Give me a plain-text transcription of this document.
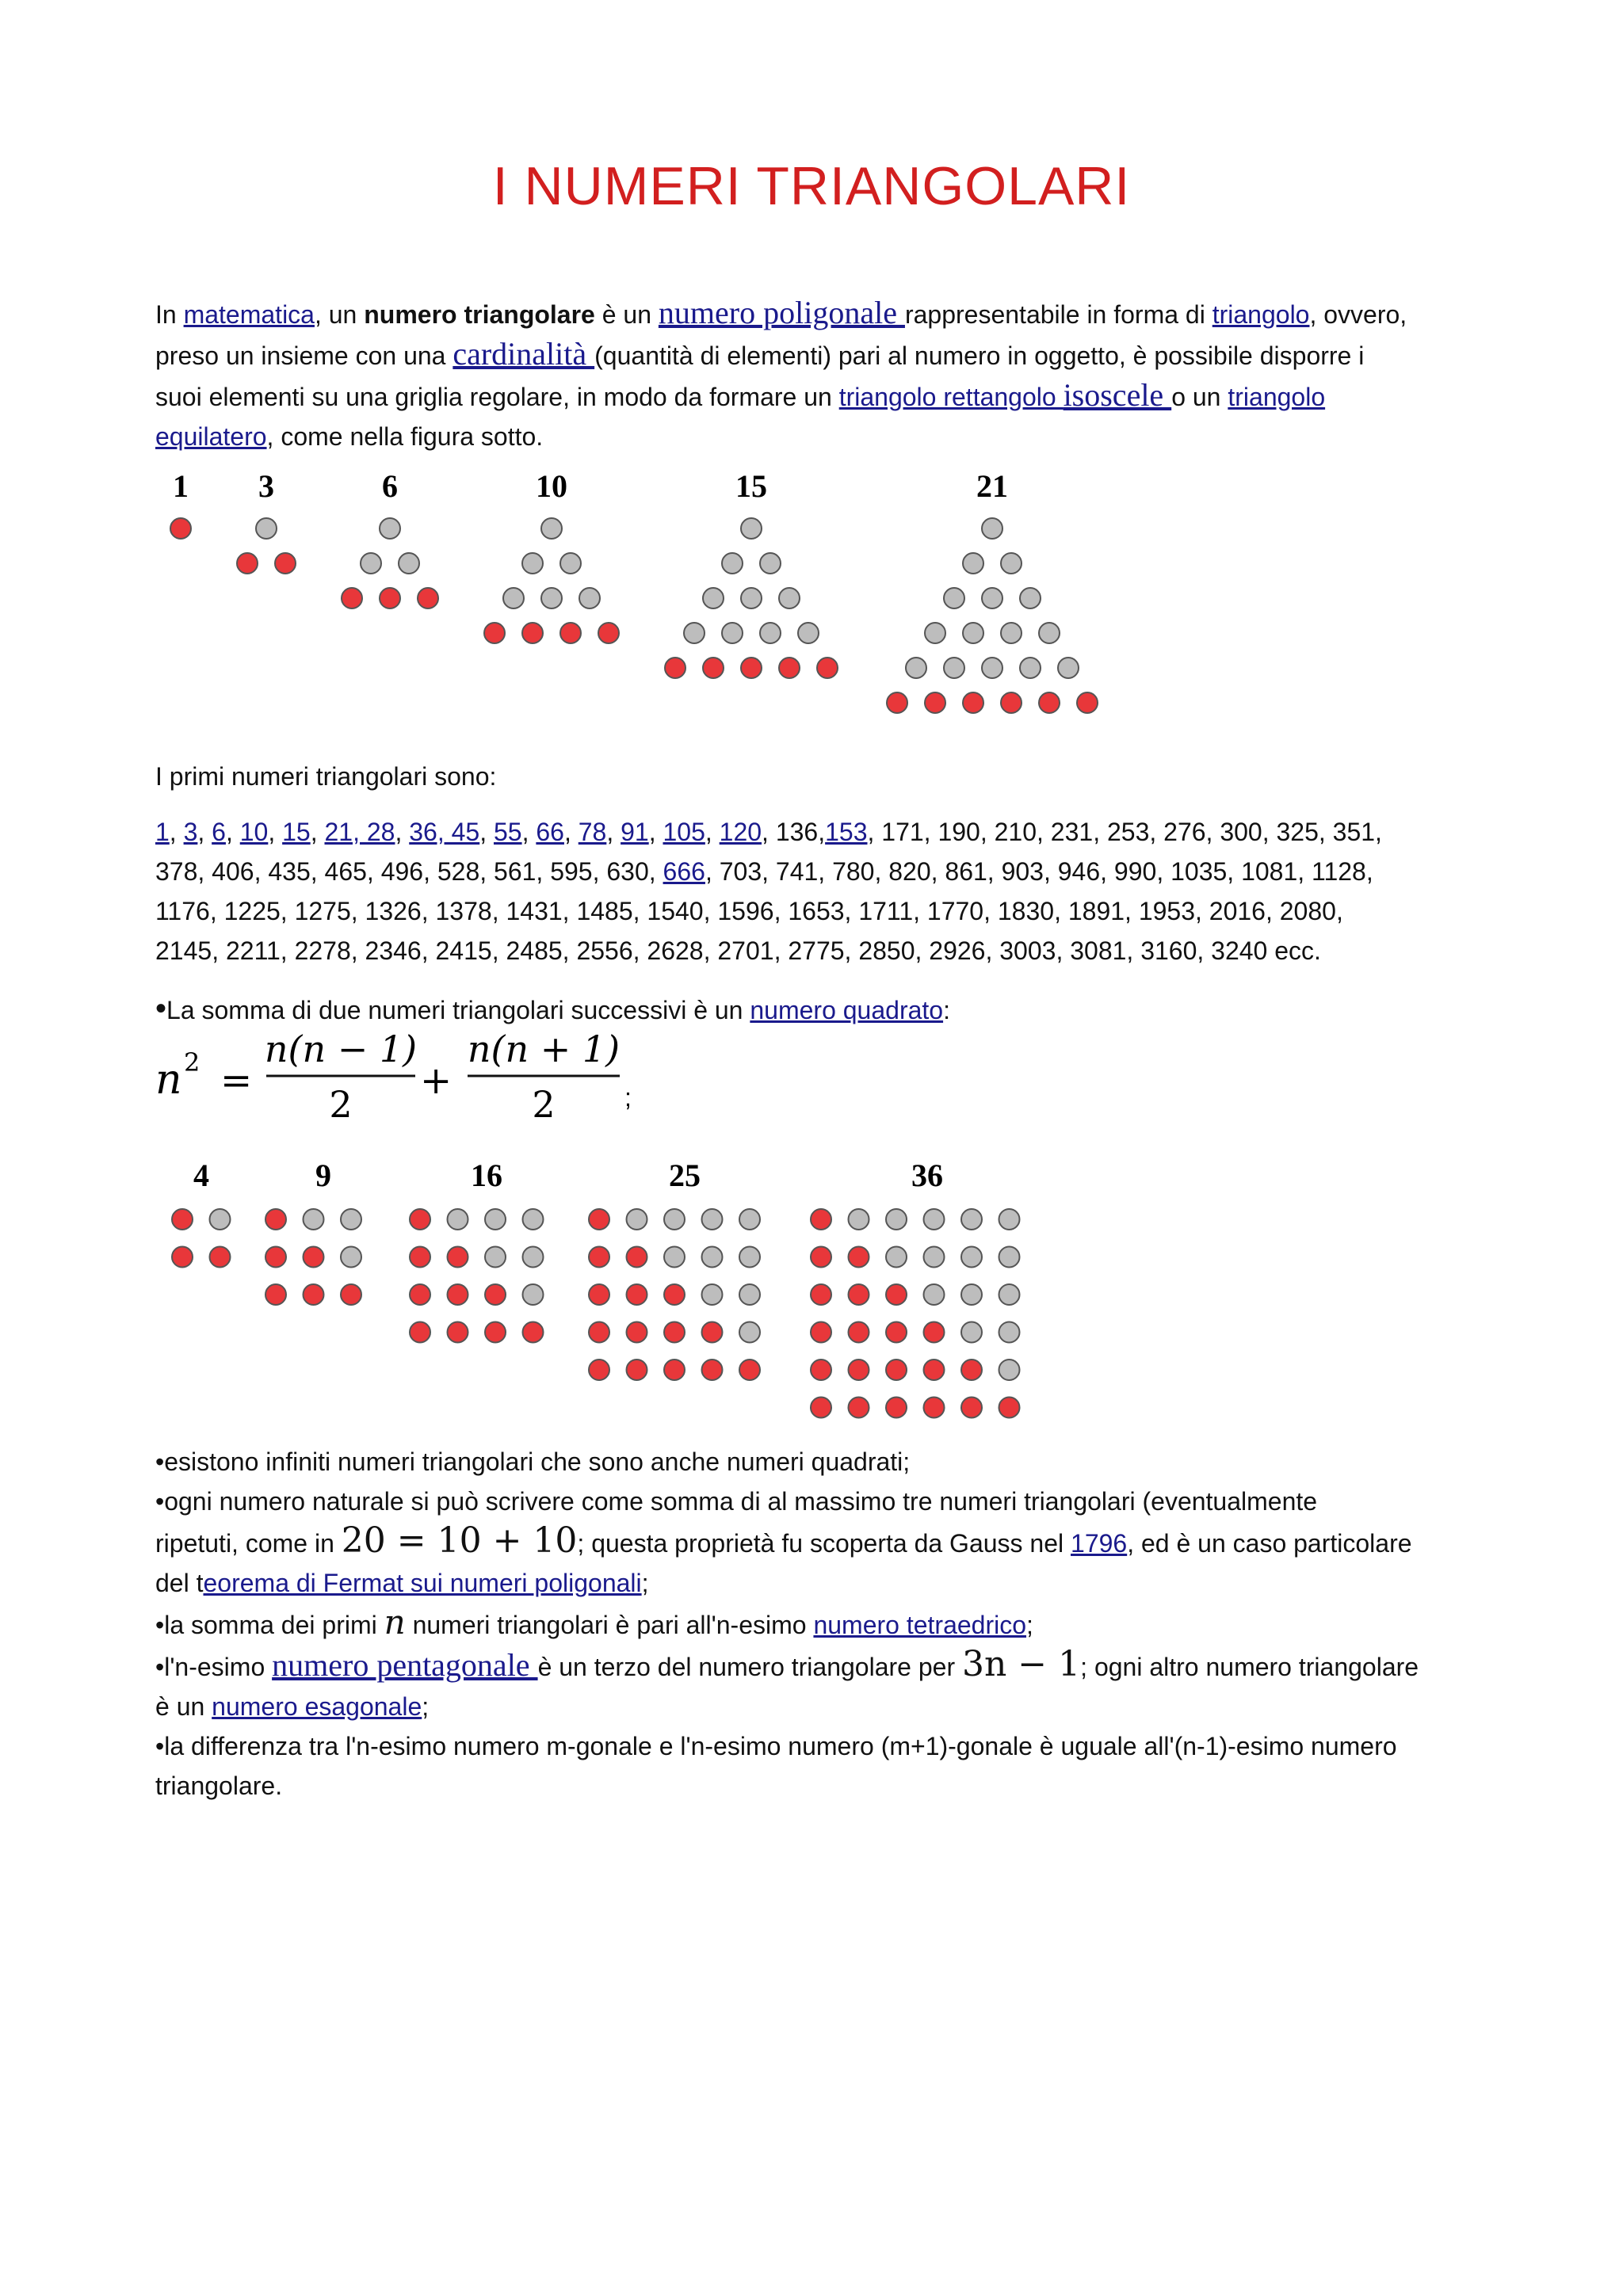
I NUMERI TRIANGOLARI
In matematica, un numero triangolare è un numero poligonale rappresentabile in forma di triangolo, ovvero,
preso un insieme con una cardinalità (quantità di elementi) pari al numero in oggetto, è possibile disporre i
suoi elementi su una griglia regolare, in modo da formare un triangolo rettangolo isoscele o un triangolo
equilatero, come nella figura sotto.
1 3	6	10	15	21
I primi numeri triangolari sono:
1, 3, 6, 10, 15, 21, 28, 36, 45, 55, 66, 78, 91, 105, 120, 136,153, 171, 190, 210, 231, 253, 276, 300, 325, 351,
378, 406, 435, 465, 496, 528, 561, 595, 630, 666, 703, 741, 780, 820, 861, 903, 946, 990, 1035, 1081, 1128,
1176, 1225, 1275, 1326, 1378, 1431, 1485, 1540, 1596, 1653, 1711, 1770, 1830, 1891, 1953, 2016, 2080,
2145, 2211, 2278, 2346, 2415, 2485, 2556, 2628, 2701, 2775, 2850, 2926, 3003, 3081, 3160, 3240 ecc.
•La somma di due numeri triangolari successivi è un numero quadrato:
n 2 =
n(n − 1)
2
+
n(n + 1)
2	;
4	9	16	25	36
•esistono infiniti numeri triangolari che sono anche numeri quadrati;
•ogni numero naturale si può scrivere come somma di al massimo tre numeri triangolari (eventualmente
ripetuti, come in 20 = 10 + 10; questa proprietà fu scoperta da Gauss nel 1796, ed è un caso particolare
del teorema di Fermat sui numeri poligonali;
•la somma dei primi n numeri triangolari è pari all'n-esimo numero tetraedrico;
•l'n-esimo numero pentagonale è un terzo del numero triangolare per 3n − 1; ogni altro numero triangolare
è un numero esagonale;
•la differenza tra l'n-esimo numero m-gonale e l'n-esimo numero (m+1)-gonale è uguale all'(n-1)-esimo numero
triangolare.
